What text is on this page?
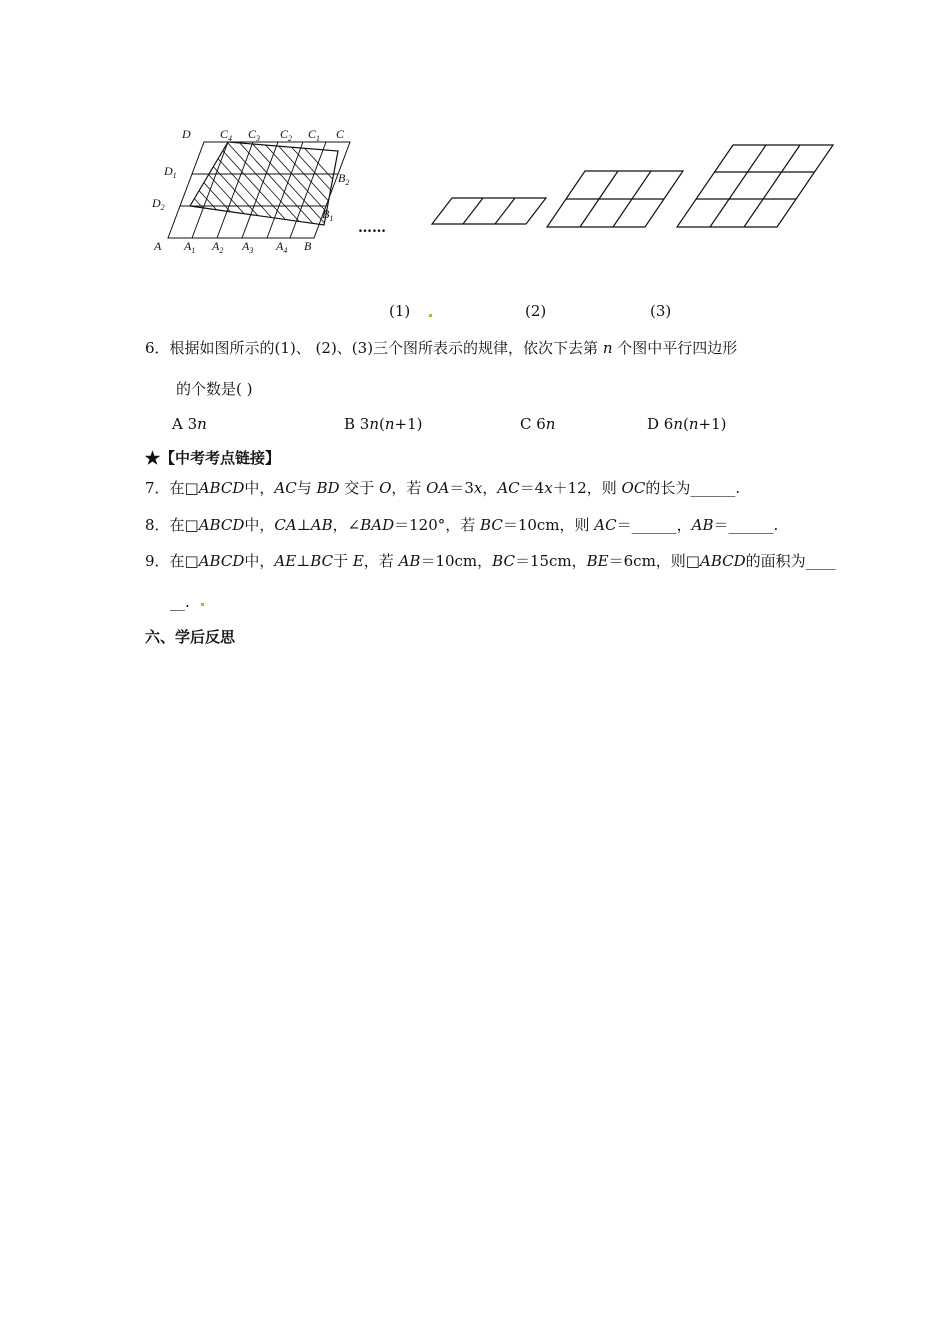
D $C_4$ $C_3$ $C_2$ $C_1$ C
$D_1$
$D_2$
$B_2$
$B_1$
A $A_1$ $A_2$ $A_3$ $A_4$ B
……
(1)	(2)	(3)
6．根据如图所示的(1)、 (2)、(3)三个图所表示的规律，依次下去第 n 个图中平行四边形
的个数是( )
A 3n	B 3n(n+1)	C 6n	D 6n(n+1)
★【中考考点链接】
7．在□ABCD中，AC与 BD 交于 O，若 OA＝3x，AC＝4x＋12，则 OC的长为______.
8．在□ABCD中，CA⊥AB，∠BAD＝120°，若 BC＝10cm，则 AC＝______，AB＝______.
9．在□ABCD中，AE⊥BC于 E，若 AB＝10cm，BC＝15cm，BE＝6cm，则□ABCD的面积为____
__.
六、学后反思
